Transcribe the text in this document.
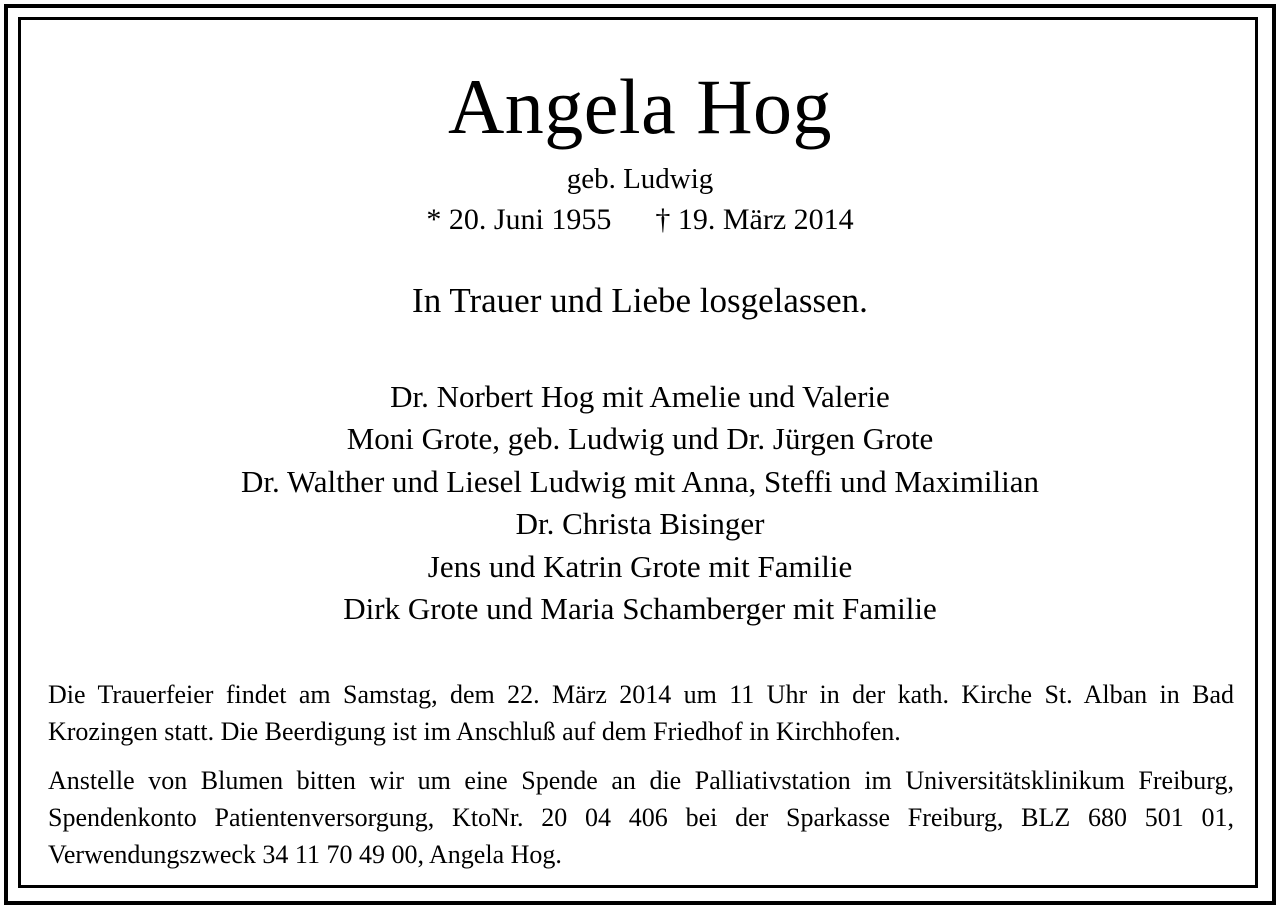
Angela Hog
geb. Ludwig
* 20. Juni 1955 † 19. März 2014
In Trauer und Liebe losgelassen.
Dr. Norbert Hog mit Amelie und Valerie
Moni Grote, geb. Ludwig und Dr. Jürgen Grote
Dr. Walther und Liesel Ludwig mit Anna, Steffi und Maximilian
Dr. Christa Bisinger
Jens und Katrin Grote mit Familie
Dirk Grote und Maria Schamberger mit Familie

Die Trauerfeier findet am Samstag, dem 22. März 2014 um 11 Uhr in der kath. Kirche St. Alban in Bad Krozingen statt. Die Beerdigung ist im Anschluß auf dem Friedhof in Kirchhofen.

Anstelle von Blumen bitten wir um eine Spende an die Palliativstation im Universitätsklinikum Freiburg, Spendenkonto Patientenversorgung, KtoNr. 20 04 406 bei der Sparkasse Freiburg, BLZ 680 501 01, Verwendungszweck 34 11 70 49 00, Angela Hog.
